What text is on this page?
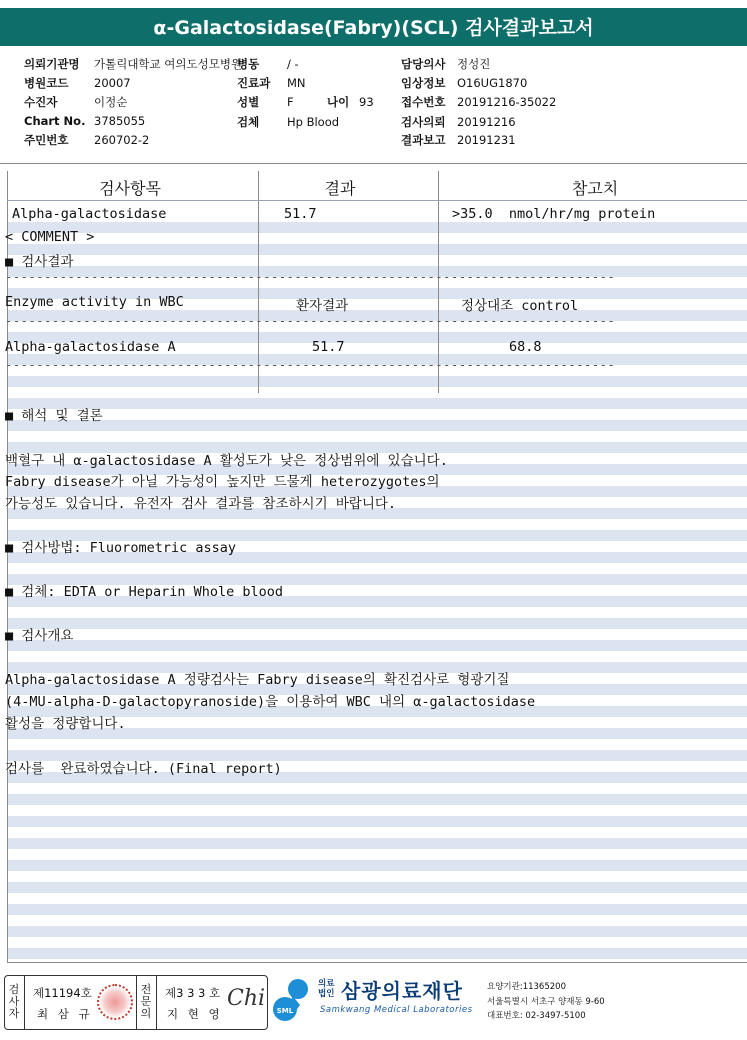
α-Galactosidase(Fabry)(SCL) 검사결과보고서
의뢰기관명 가톨릭대학교 여의도성모병원
병원코드 20007
수진자	이정순
Chart No. 3785055
주민번호 260702-2
병동 / -
진료과 MN
성별 F	나이 93
검체 Hp Blood
담당의사 정성진
임상정보 O16UG1870
접수번호 20191216-35022
검사의뢰 20191216
결과보고 20191231
검사항목	결과	참고치
Alpha-galactosidase	51.7	>35.0  nmol/hr/mg protein
< COMMENT >
■ 검사결과
------------------------------------------------------------------------------
Enzyme activity in WBC	환자결과	정상대조 control
------------------------------------------------------------------------------
Alpha-galactosidase A	51.7	68.8
------------------------------------------------------------------------------
■ 해석 및 결론
백혈구 내 α-galactosidase A 활성도가 낮은 정상범위에 있습니다.
Fabry disease가 아닐 가능성이 높지만 드물게 heterozygotes의
가능성도 있습니다. 유전자 검사 결과를 참조하시기 바랍니다.
■ 검사방법: Fluorometric assay
■ 검체: EDTA or Heparin Whole blood
■ 검사개요
Alpha-galactosidase A 정량검사는 Fabry disease의 확진검사로 형광기질
(4-MU-alpha-D-galactopyranoside)을 이용하여 WBC 내의 α-galactosidase
활성을 정량합니다.
검사를  완료하였습니다. (Final report)
검
사
자
제11194호
최 삼 규
전
문
의
제3 3 3 호
지 현 영
Chi SML
의료
법인 삼광의료재단
Samkwang Medical Laboratories
요양기관:11365200
서울특별시 서초구 양재동 9-60
대표번호: 02-3497-5100
